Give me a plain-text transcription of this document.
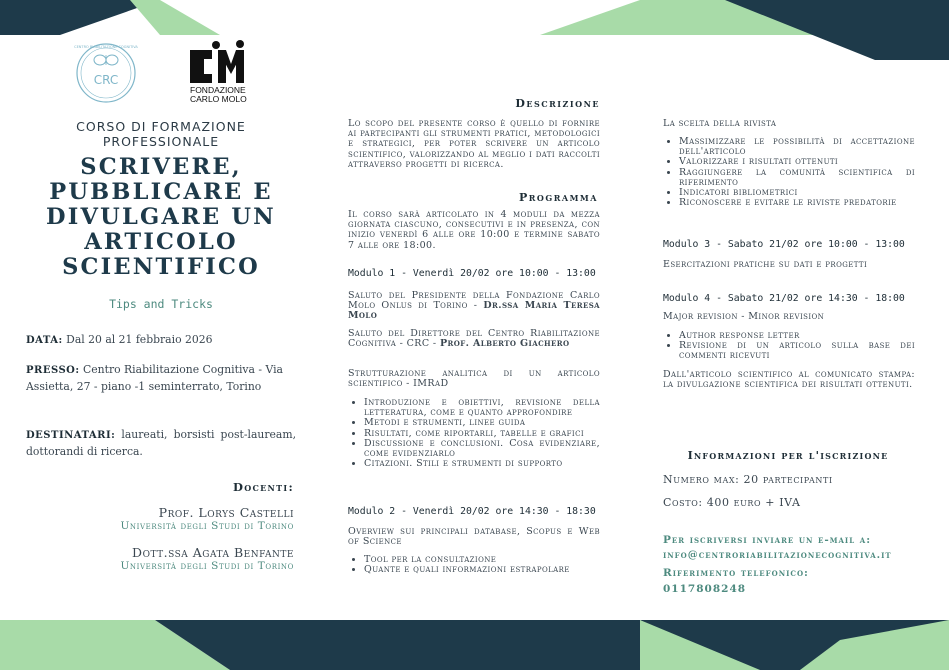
CRC
CENTRO RIABILITAZIONE COGNITIVA
FONDAZIONE
CARLO MOLO
CORSO DI FORMAZIONE PROFESSIONALE
SCRIVERE,
PUBBLICARE E
DIVULGARE UN
ARTICOLO
SCIENTIFICO
Tips and Tricks
DATA: Dal 20 al 21 febbraio 2026
PRESSO: Centro Riabilitazione Cognitiva - Via Assietta, 27 - piano -1 seminterrato, Torino
DESTINATARI: laureati, borsisti post-lauream, dottorandi di ricerca.
Docenti:
Prof. Lorys Castelli
Università degli Studi di Torino
Dott.ssa Agata Benfante
Università degli Studi di Torino
Descrizione
Lo scopo del presente corso è quello di fornire ai partecipanti gli strumenti pratici, metodologici e strategici, per poter scrivere un articolo scientifico, valorizzando al meglio i dati raccolti attraverso progetti di ricerca.
Programma
Il corso sarà articolato in 4 moduli da mezza giornata ciascuno, consecutivi e in presenza, con inizio venerdì 6 alle ore 10:00 e termine sabato 7 alle ore 18:00.
Modulo 1 - Venerdì 20/02 ore 10:00 - 13:00
Saluto del Presidente della Fondazione Carlo Molo Onlus di Torino - Dr.ssa Maria Teresa Molo
Saluto del Direttore del Centro Riabilitazione Cognitiva - CRC - Prof. Alberto Giachero
Strutturazione analitica di un articolo scientifico - IMRaD
• Introduzione e obiettivi, revisione della letteratura, come e quanto approfondire
• Metodi e strumenti, linee guida
• Risultati, come riportarli, tabelle e grafici
• Discussione e conclusioni. Cosa evidenziare, come evidenziarlo
• Citazioni. Stili e strumenti di supporto
Modulo 2 - Venerdì 20/02 ore 14:30 - 18:30
Overview sui principali database, Scopus e Web of Science
• Tool per la consultazione
• Quante e quali informazioni estrapolare
La scelta della rivista
• Massimizzare le possibilità di accettazione dell'articolo
• Valorizzare i risultati ottenuti
• Raggiungere la comunità scientifica di riferimento
• Indicatori bibliometrici
• Riconoscere e evitare le riviste predatorie
Modulo 3 - Sabato 21/02 ore 10:00 - 13:00
Esercitazioni pratiche su dati e progetti
Modulo 4 - Sabato 21/02 ore 14:30 - 18:00
Major revision - Minor revision
• Author response letter
• Revisione di un articolo sulla base dei commenti ricevuti
Dall'articolo scientifico al comunicato stampa: la divulgazione scientifica dei risultati ottenuti.
Informazioni per l'iscrizione
Numero max: 20 partecipanti
Costo: 400 euro + IVA
Per iscriversi inviare un e-mail a:
info@centroriabilitazionecognitiva.it
Riferimento telefonico:
0117808248
